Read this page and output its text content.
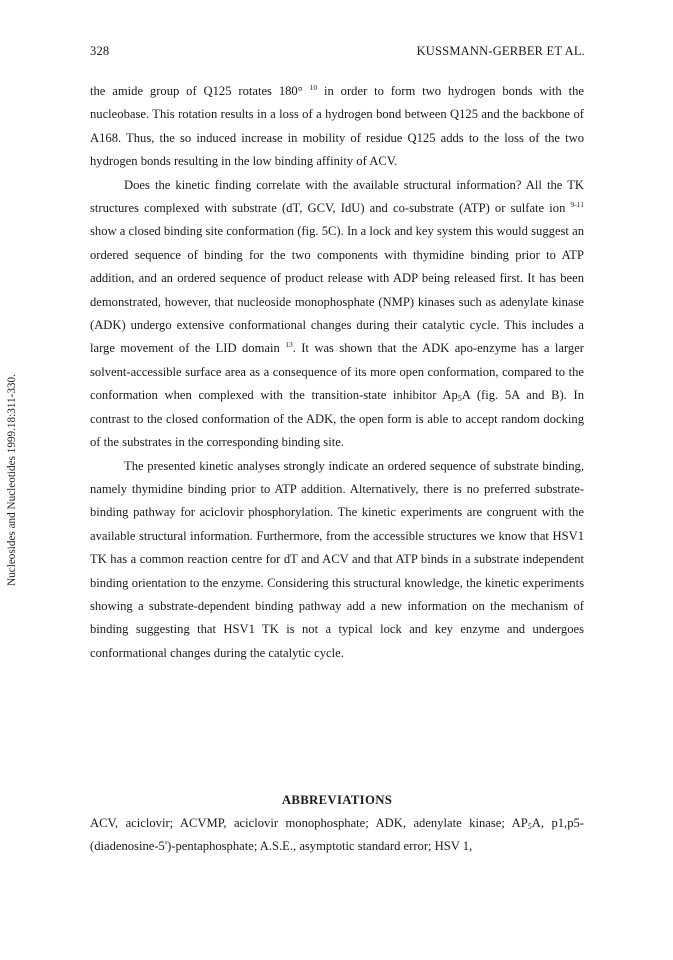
328	KUSSMANN-GERBER ET AL.
Nucleosides and Nucleotides 1999.18:311-330.

the amide group of Q125 rotates 180° $^{10}$ in order to form two hydrogen bonds with the nucleobase. This rotation results in a loss of a hydrogen bond between Q125 and the backbone of A168. Thus, the so induced increase in mobility of residue Q125 adds to the loss of the two hydrogen bonds resulting in the low binding affinity of ACV.

Does the kinetic finding correlate with the available structural information? All the TK structures complexed with substrate (dT, GCV, IdU) and co-substrate (ATP) or sulfate ion $^{9-11}$ show a closed binding site conformation (fig. 5C). In a lock and key system this would suggest an ordered sequence of binding for the two components with thymidine binding prior to ATP addition, and an ordered sequence of product release with ADP being released first. It has been demonstrated, however, that nucleoside monophosphate (NMP) kinases such as adenylate kinase (ADK) undergo extensive conformational changes during their catalytic cycle. This includes a large movement of the LID domain $^{13}$. It was shown that the ADK apo-enzyme has a larger solvent-accessible surface area as a consequence of its more open conformation, compared to the conformation when complexed with the transition-state inhibitor $Ap_5A$ (fig. 5A and B). In contrast to the closed conformation of the ADK, the open form is able to accept random docking of the substrates in the corresponding binding site.

The presented kinetic analyses strongly indicate an ordered sequence of substrate binding, namely thymidine binding prior to ATP addition. Alternatively, there is no preferred substrate-binding pathway for aciclovir phosphorylation. The kinetic experiments are congruent with the available structural information. Furthermore, from the accessible structures we know that HSV1 TK has a common reaction centre for dT and ACV and that ATP binds in a substrate independent binding orientation to the enzyme. Considering this structural knowledge, the kinetic experiments showing a substrate-dependent binding pathway add a new information on the mechanism of binding suggesting that HSV1 TK is not a typical lock and key enzyme and undergoes conformational changes during the catalytic cycle.

ABBREVIATIONS

ACV, aciclovir; ACVMP, aciclovir monophosphate; ADK, adenylate kinase; $AP_5A$, p1,p5-(diadenosine-5')-pentaphosphate; A.S.E., asymptotic standard error; HSV 1,
